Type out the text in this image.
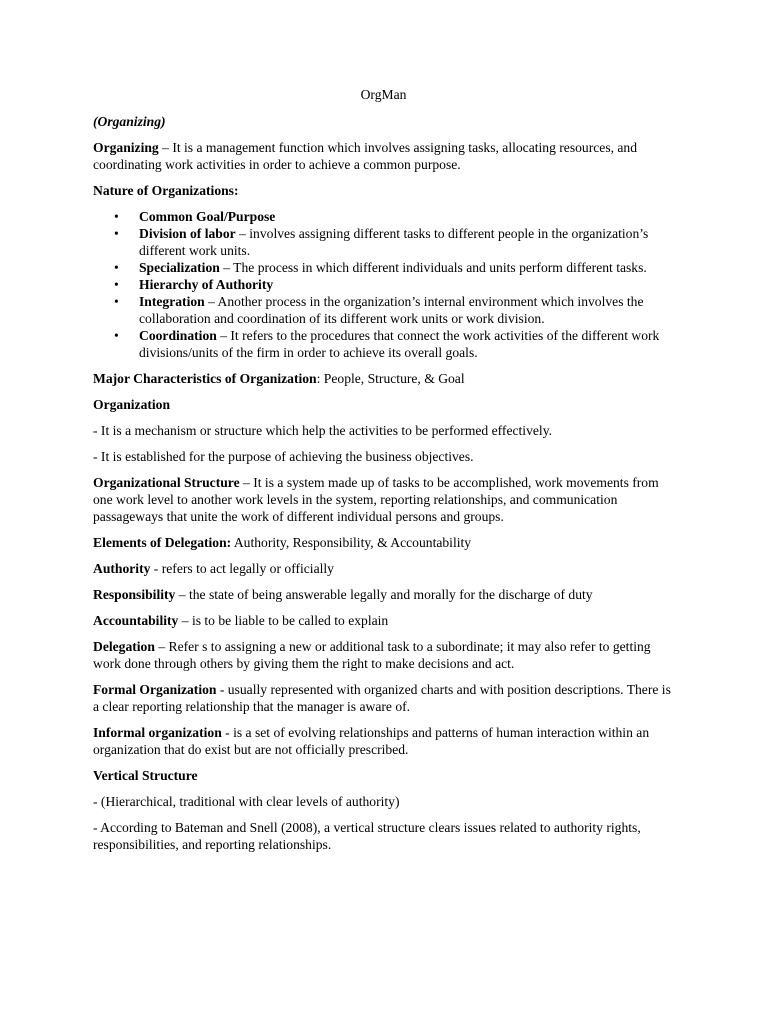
OrgMan

(Organizing)

Organizing – It is a management function which involves assigning tasks, allocating resources, and coordinating work activities in order to achieve a common purpose.

Nature of Organizations:

• Common Goal/Purpose
• Division of labor – involves assigning different tasks to different people in the organization’s different work units.
• Specialization – The process in which different individuals and units perform different tasks.
• Hierarchy of Authority
• Integration – Another process in the organization’s internal environment which involves the collaboration and coordination of its different work units or work division.
• Coordination – It refers to the procedures that connect the work activities of the different work divisions/units of the firm in order to achieve its overall goals.

Major Characteristics of Organization: People, Structure, & Goal

Organization

- It is a mechanism or structure which help the activities to be performed effectively.

- It is established for the purpose of achieving the business objectives.

Organizational Structure – It is a system made up of tasks to be accomplished, work movements from one work level to another work levels in the system, reporting relationships, and communication passageways that unite the work of different individual persons and groups.

Elements of Delegation: Authority, Responsibility, & Accountability

Authority - refers to act legally or officially

Responsibility – the state of being answerable legally and morally for the discharge of duty

Accountability – is to be liable to be called to explain

Delegation – Refer s to assigning a new or additional task to a subordinate; it may also refer to getting work done through others by giving them the right to make decisions and act.

Formal Organization - usually represented with organized charts and with position descriptions. There is a clear reporting relationship that the manager is aware of.

Informal organization - is a set of evolving relationships and patterns of human interaction within an organization that do exist but are not officially prescribed.

Vertical Structure

- (Hierarchical, traditional with clear levels of authority)

- According to Bateman and Snell (2008), a vertical structure clears issues related to authority rights, responsibilities, and reporting relationships.
